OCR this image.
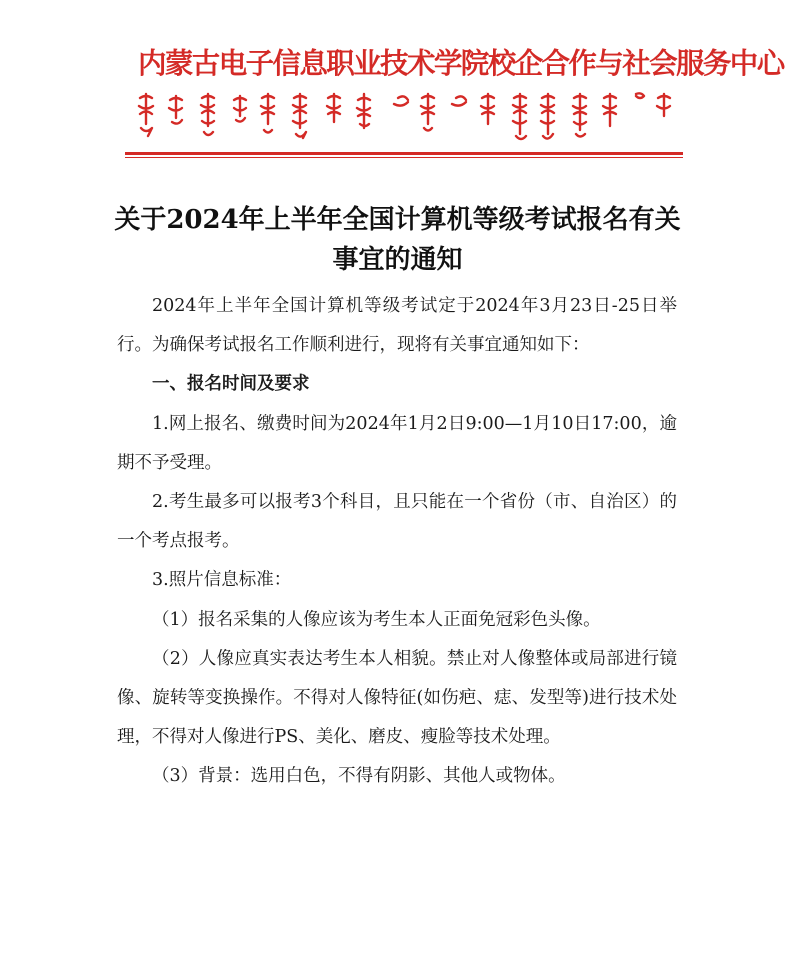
内蒙古电子信息职业技术学院校企合作与社会服务中心
关于2024年上半年全国计算机等级考试报名有关事宜的通知

2024年上半年全国计算机等级考试定于2024年3月23日-25日举行。为确保考试报名工作顺利进行，现将有关事宜通知如下：

一、报名时间及要求

1.网上报名、缴费时间为2024年1月2日9:00—1月10日17:00，逾期不予受理。

2.考生最多可以报考3个科目，且只能在一个省份（市、自治区）的一个考点报考。

3.照片信息标准：

（1）报名采集的人像应该为考生本人正面免冠彩色头像。

（2）人像应真实表达考生本人相貌。禁止对人像整体或局部进行镜像、旋转等变换操作。不得对人像特征(如伤疤、痣、发型等)进行技术处理，不得对人像进行PS、美化、磨皮、瘦脸等技术处理。

（3）背景：选用白色，不得有阴影、其他人或物体。
